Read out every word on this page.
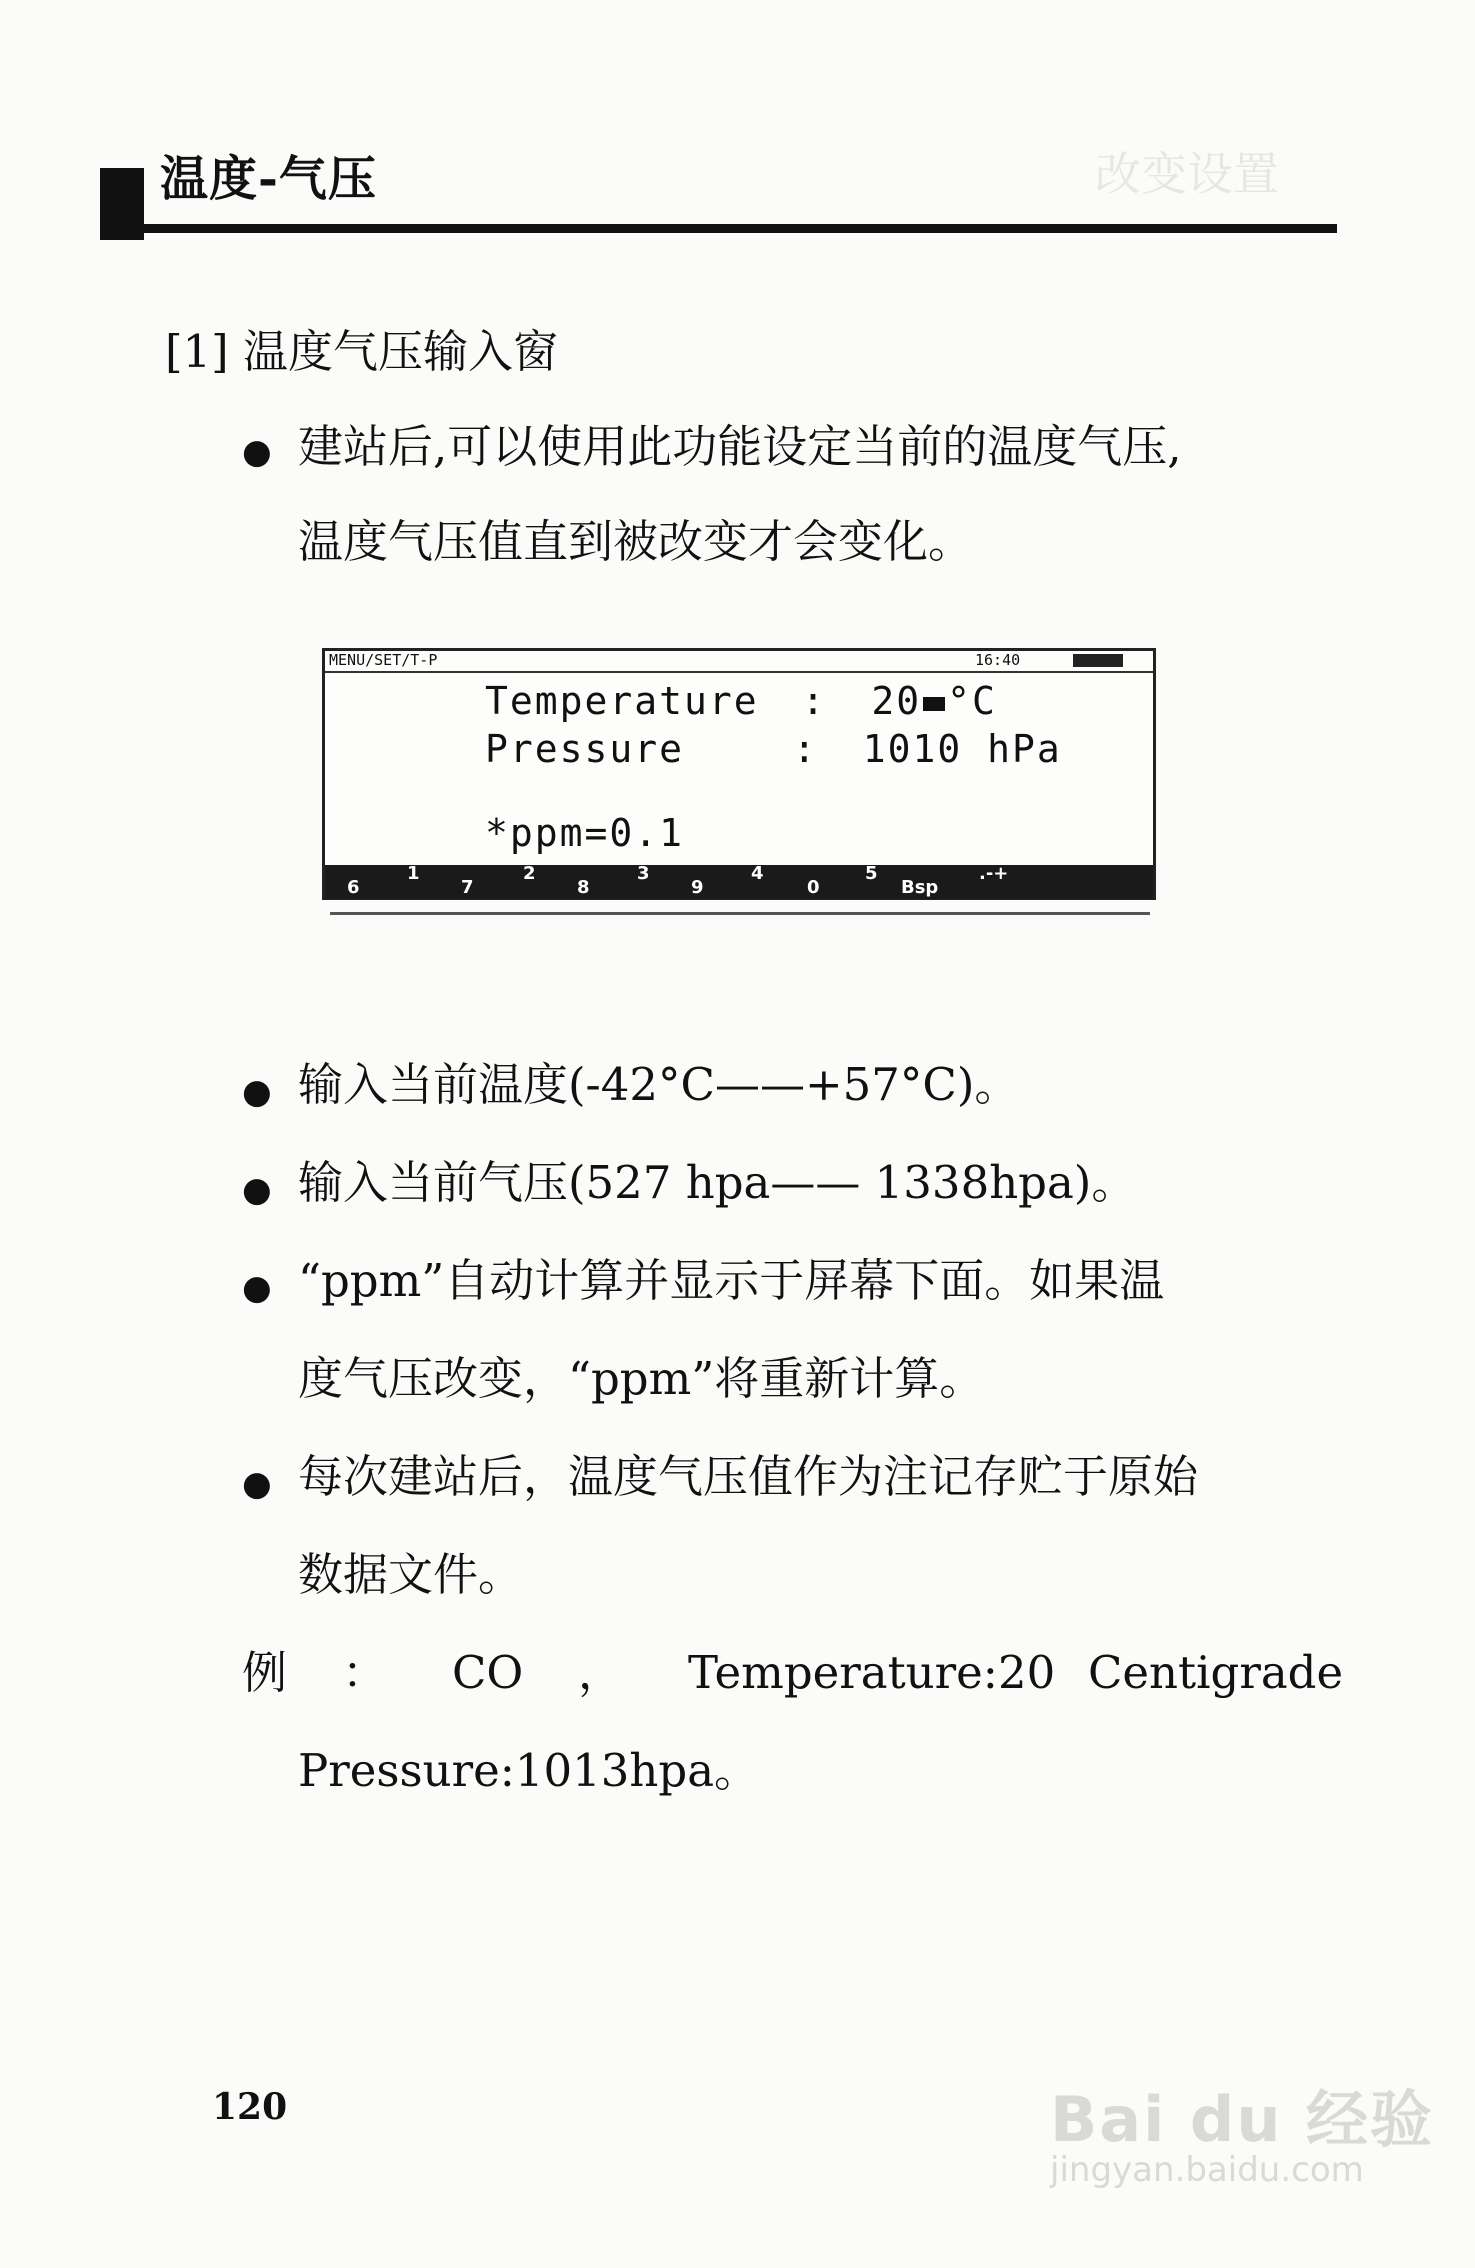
温度-气压	改变设置
[1] 温度气压输入窗
● 建站后,可以使用此功能设定当前的温度气压,
温度气压值直到被改变才会变化。
MENU/SET/T-P	16:40
Temperature : 20 °C
Pressure	: 1010 hPa
*ppm=0.1
1	2	3	4	5	.-+
6	7	8	9	0	Bsp
● 输入当前温度(-42°C——+57°C)。
● 输入当前气压(527 hpa—— 1338hpa)。
● “ppm”自动计算并显示于屏幕下面。如果温
度气压改变，“ppm”将重新计算。
● 每次建站后，温度气压值作为注记存贮于原始
数据文件。
例 ： CO ， Temperature:20 Centigrade
Pressure:1013hpa。
120	Bai du 经验
jingyan.baidu.com
